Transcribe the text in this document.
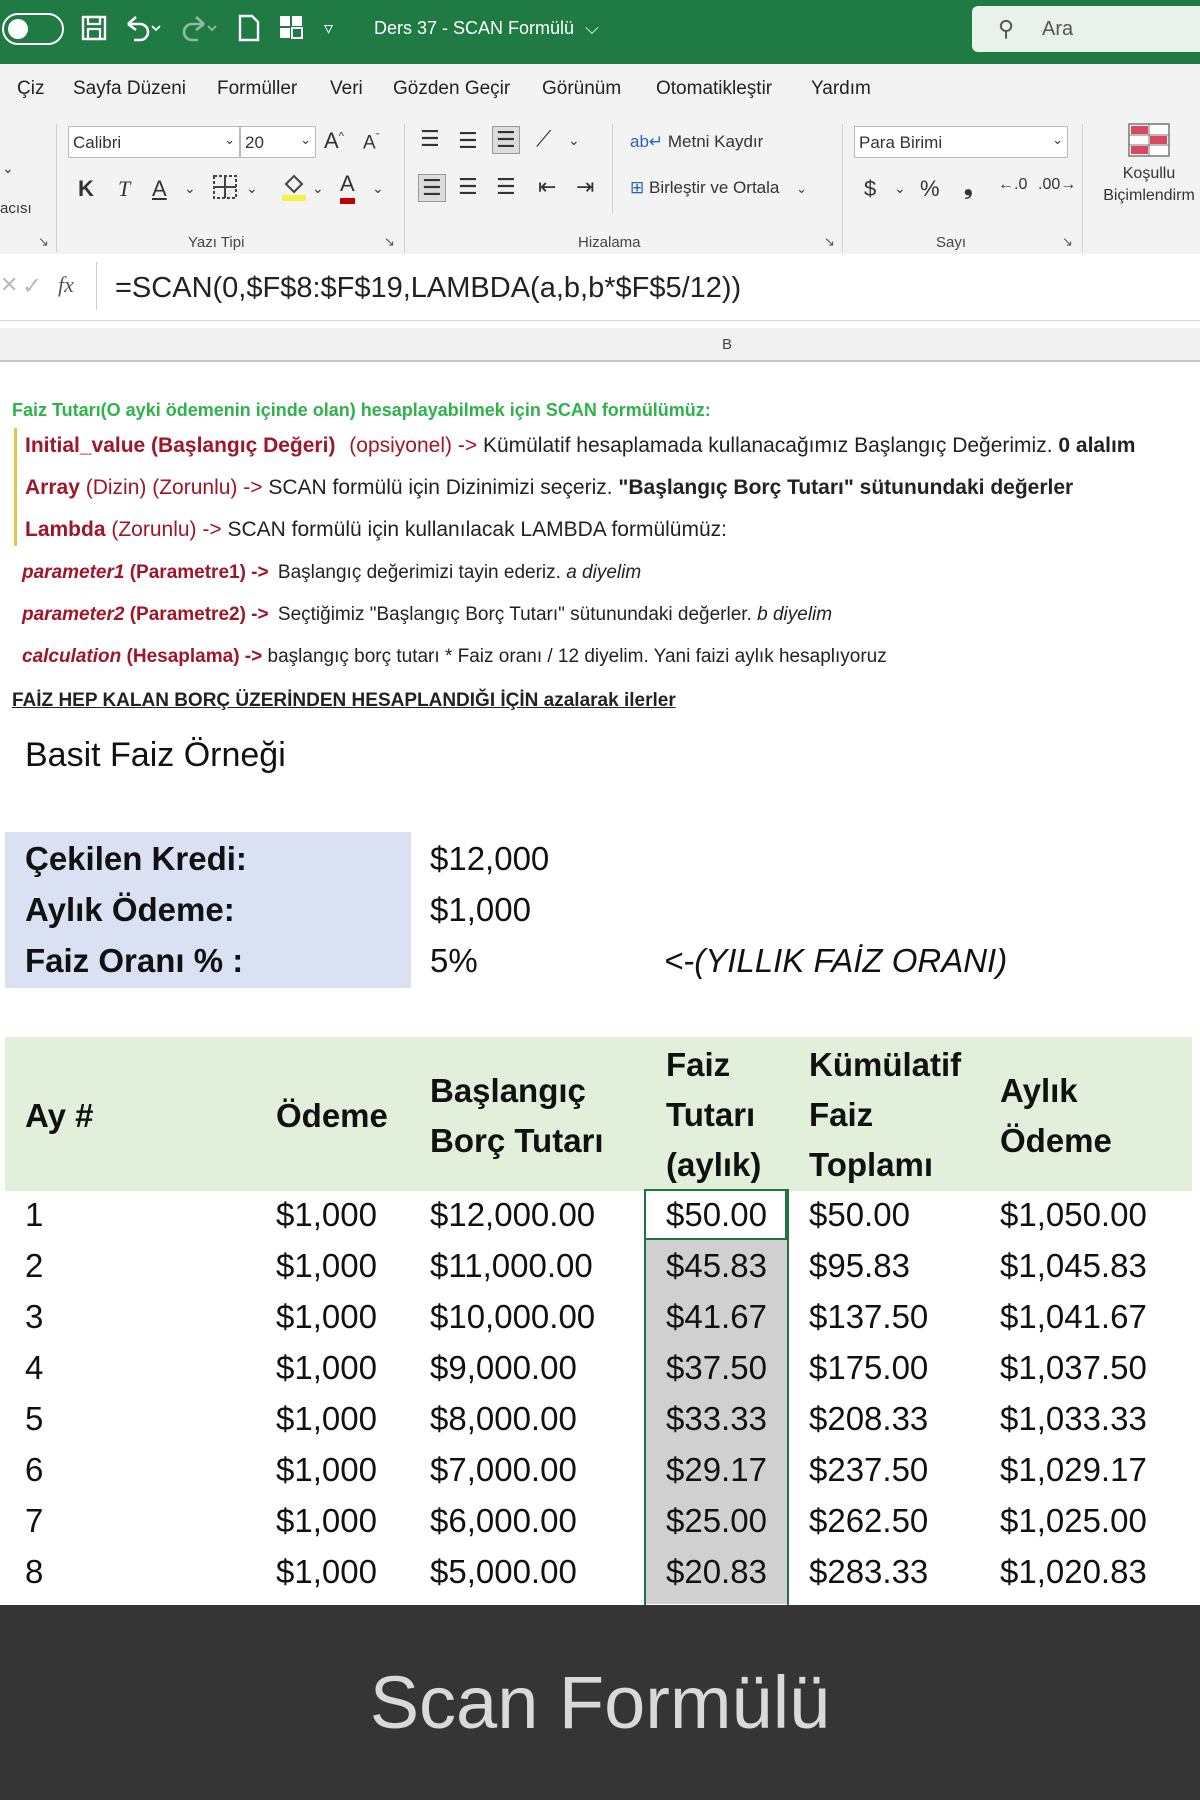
▿ Ders 37 - SCAN Formülü ⌵	⚲ Ara
Çiz Sayfa Düzeni Formüller Veri Gözden Geçir Görünüm Otomatikleştir Yardım
⌄
acısı
↘
Calibri	⌄ 20	⌄ A^ $A^ˇ$
K T A ⌄	⌄	⌄ A ⌄
Yazı Tipi	↘
☰ ☰ ☰ ⟋ ⌄
☰ ☰ ☰ ⇤ ⇥
ab↵ Metni Kaydır
⊞ Birleştir ve Ortala ⌄
Hizalama	↘
Para Birimi	⌄
$ ⌄ % ❟ ←.0 .00→
Sayı	↘
Koşullu
Biçimlendirm
✕ ✓ fx	=SCAN(0,$F$8:$F$19,LAMBDA(a,b,b*$F$5/12))
B
Faiz Tutarı(O ayki ödemenin içinde olan) hesaplayabilmek için SCAN formülümüz:
Initial_value (Başlangıç Değeri) (opsiyonel) -> Kümülatif hesaplamada kullanacağımız Başlangıç Değerimiz. 0 alalım
Array (Dizin) (Zorunlu) -> SCAN formülü için Dizinimizi seçeriz. "Başlangıç Borç Tutarı" sütunundaki değerler
Lambda (Zorunlu) -> SCAN formülü için kullanılacak LAMBDA formülümüz:
parameter1 (Parametre1) -> Başlangıç değerimizi tayin ederiz. a diyelim
parameter2 (Parametre2) -> Seçtiğimiz "Başlangıç Borç Tutarı" sütunundaki değerler. b diyelim
calculation (Hesaplama) -> başlangıç borç tutarı * Faiz oranı / 12 diyelim. Yani faizi aylık hesaplıyoruz
FAİZ HEP KALAN BORÇ ÜZERİNDEN HESAPLANDIĞI İÇİN azalarak ilerler
Basit Faiz Örneği
Çekilen Kredi:	$12,000
Aylık Ödeme:	$1,000
Faiz Oranı % :	5%	<-(YILLIK FAİZ ORANI)
Ay #	Ödeme
Başlangıç
Borç Tutarı
Faiz
Tutarı
(aylık)
Kümülatif
Faiz
Toplamı
Aylık
Ödeme
1	$1,000 $12,000.00 $50.00 $50.00	$1,050.00
2	$1,000 $11,000.00 $45.83 $95.83	$1,045.83
3	$1,000 $10,000.00 $41.67 $137.50 $1,041.67
4	$1,000 $9,000.00	$37.50 $175.00 $1,037.50
5	$1,000 $8,000.00	$33.33 $208.33 $1,033.33
6	$1,000 $7,000.00	$29.17 $237.50 $1,029.17
7	$1,000 $6,000.00	$25.00 $262.50 $1,025.00
8	$1,000 $5,000.00	$20.83 $283.33 $1,020.83
Scan Formülü
